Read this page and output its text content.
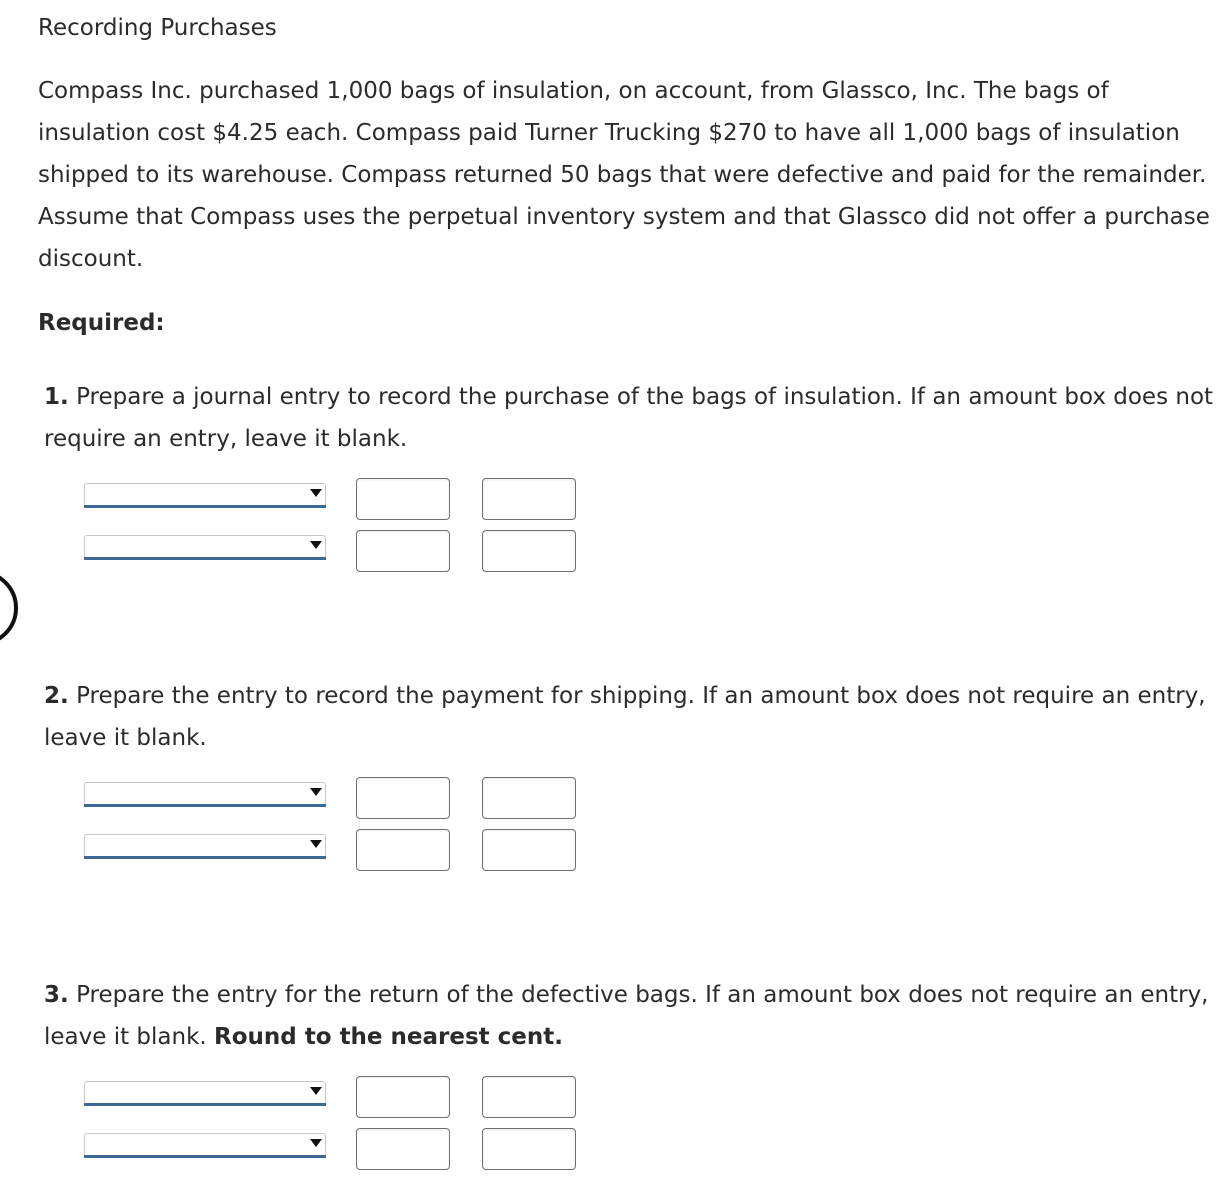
Recording Purchases
Compass Inc. purchased 1,000 bags of insulation, on account, from Glassco, Inc. The bags of insulation cost $4.25 each. Compass paid Turner Trucking $270 to have all 1,000 bags of insulation shipped to its warehouse. Compass returned 50 bags that were defective and paid for the remainder. Assume that Compass uses the perpetual inventory system and that Glassco did not offer a purchase discount.
Required:
1. Prepare a journal entry to record the purchase of the bags of insulation. If an amount box does not require an entry, leave it blank.
2. Prepare the entry to record the payment for shipping. If an amount box does not require an entry, leave it blank.
3. Prepare the entry for the return of the defective bags. If an amount box does not require an entry, leave it blank. Round to the nearest cent.
